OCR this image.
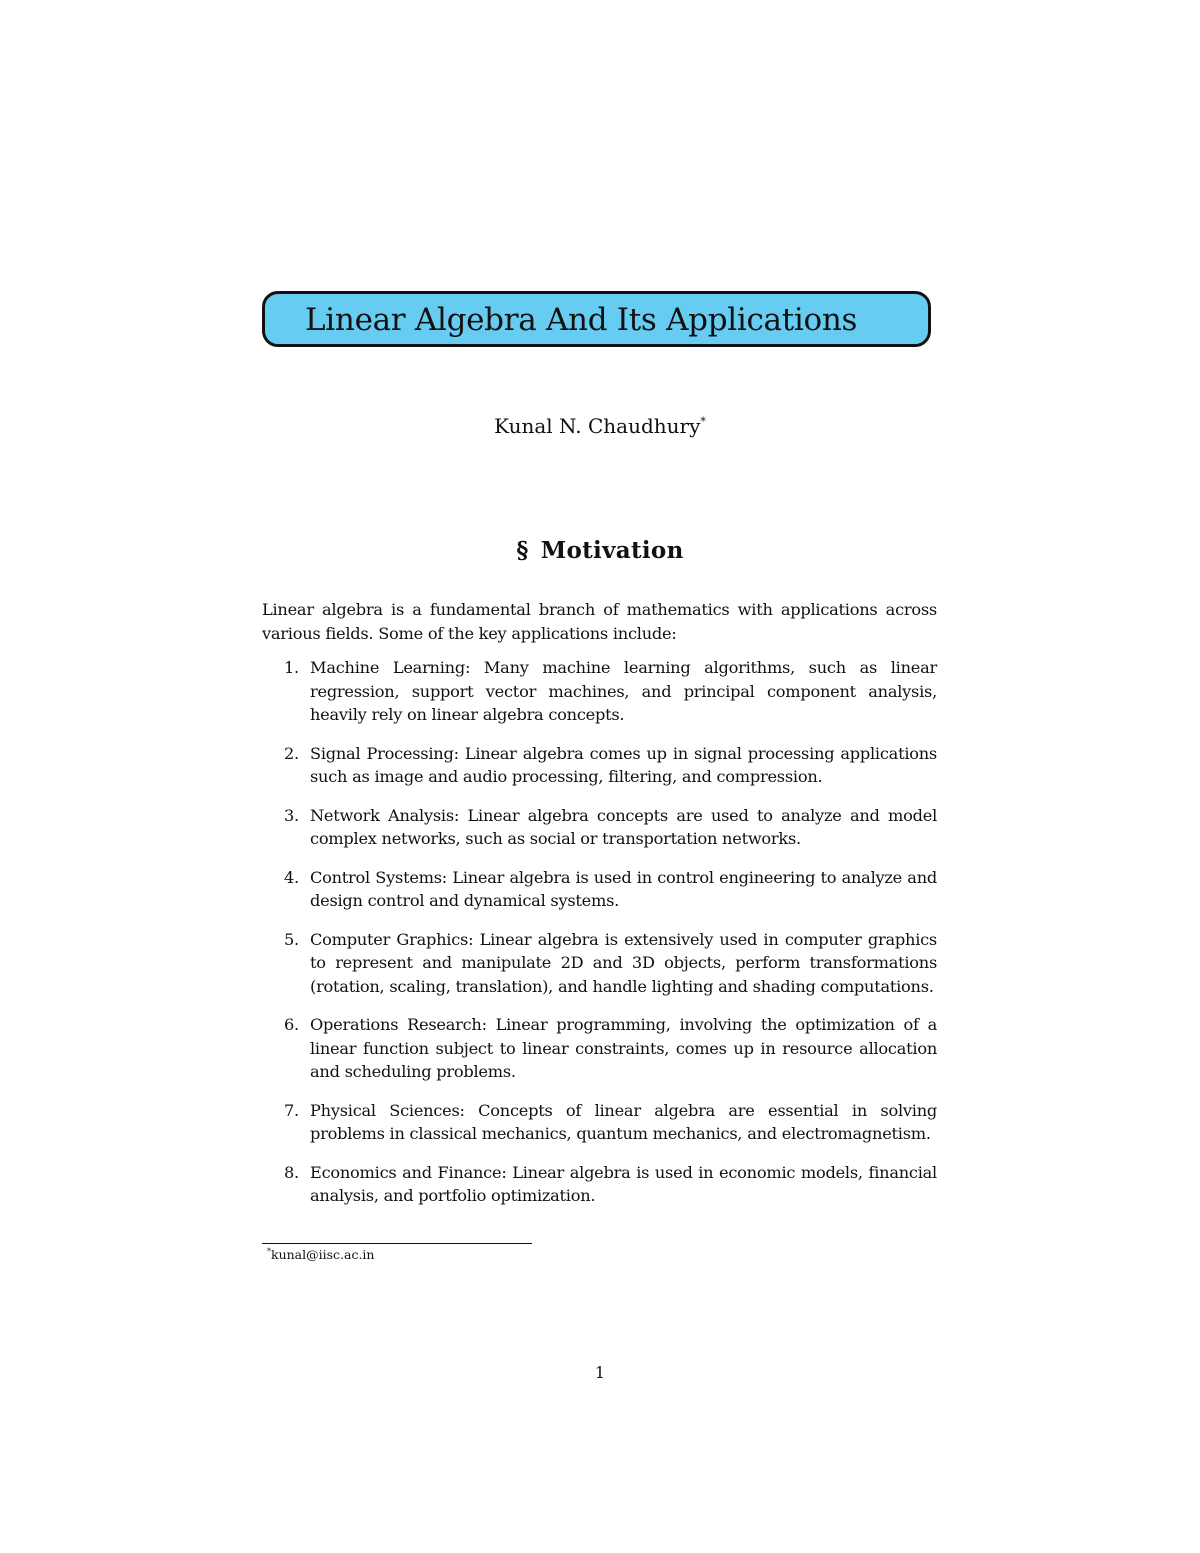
Linear Algebra And Its Applications
Kunal N. Chaudhury*
§ Motivation
Linear algebra is a fundamental branch of mathematics with applications across various fields. Some of the key applications include:
1. Machine Learning: Many machine learning algorithms, such as linear regression, support vector machines, and principal component analysis, heavily rely on linear algebra concepts.
2. Signal Processing: Linear algebra comes up in signal processing applications such as image and audio processing, filtering, and compression.
3. Network Analysis: Linear algebra concepts are used to analyze and model complex networks, such as social or transportation networks.
4. Control Systems: Linear algebra is used in control engineering to analyze and design control and dynamical systems.
5. Computer Graphics: Linear algebra is extensively used in computer graphics to represent and manipulate 2D and 3D objects, perform transformations (rotation, scaling, translation), and handle lighting and shading computations.
6. Operations Research: Linear programming, involving the optimization of a linear function subject to linear constraints, comes up in resource allocation and scheduling problems.
7. Physical Sciences: Concepts of linear algebra are essential in solving problems in classical mechanics, quantum mechanics, and electromagnetism.
8. Economics and Finance: Linear algebra is used in economic models, financial analysis, and portfolio optimization.
*kunal@iisc.ac.in
1
